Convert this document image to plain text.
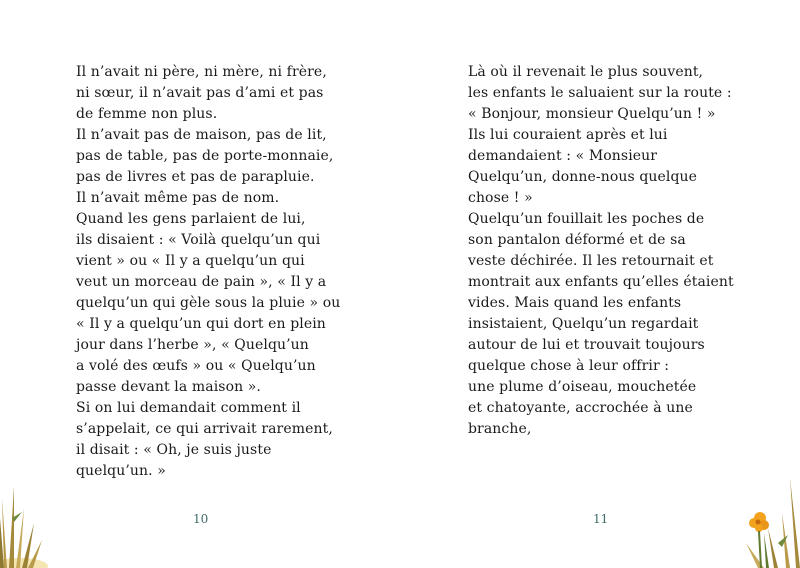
Il n’avait ni père, ni mère, ni frère,
ni sœur, il n’avait pas d’ami et pas
de femme non plus.
Il n’avait pas de maison, pas de lit,
pas de table, pas de porte-monnaie,
pas de livres et pas de parapluie.
Il n’avait même pas de nom.
Quand les gens parlaient de lui,
ils disaient : « Voilà quelqu’un qui
vient » ou « Il y a quelqu’un qui
veut un morceau de pain », « Il y a
quelqu’un qui gèle sous la pluie » ou
« Il y a quelqu’un qui dort en plein
jour dans l’herbe », « Quelqu’un
a volé des œufs » ou « Quelqu’un
passe devant la maison ».
Si on lui demandait comment il
s’appelait, ce qui arrivait rarement,
il disait : « Oh, je suis juste
quelqu’un. »
Là où il revenait le plus souvent,
les enfants le saluaient sur la route :
« Bonjour, monsieur Quelqu’un ! »
Ils lui couraient après et lui
demandaient : « Monsieur
Quelqu’un, donne-nous quelque
chose ! »
Quelqu’un fouillait les poches de
son pantalon déformé et de sa
veste déchirée. Il les retournait et
montrait aux enfants qu’elles étaient
vides. Mais quand les enfants
insistaient, Quelqu’un regardait
autour de lui et trouvait toujours
quelque chose à leur offrir :
une plume d’oiseau, mouchetée
et chatoyante, accrochée à une
branche,
10	11
